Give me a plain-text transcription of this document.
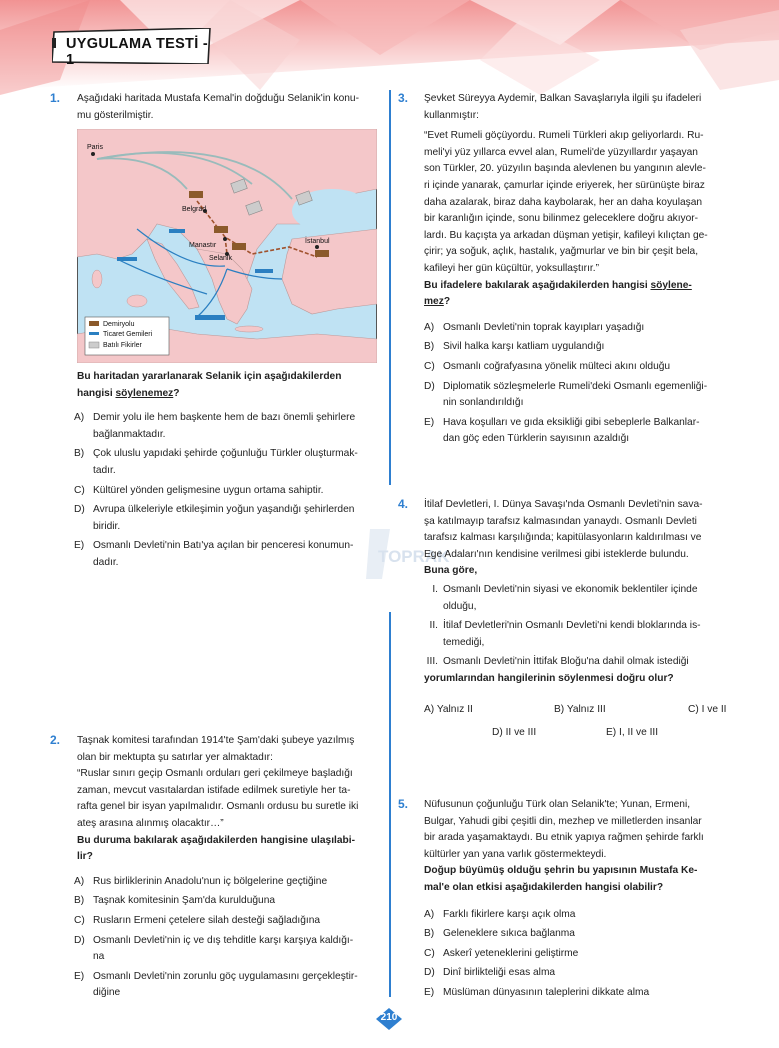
UYGULAMA TESTİ - 1
1. Aşağıdaki haritada Mustafa Kemal'in doğduğu Selanik'in konu-

mu gösterilmiştir.

Paris
Belgrad
Manastır
Selanik
İstanbul
Demiryolu
Ticaret Gemileri
Batılı Fikirler

Bu haritadan yararlanarak Selanik için aşağıdakilerden

hangisi söylenemez?

A) Demir yolu ile hem başkente hem de bazı önemli şehirlere
bağlanmaktadır.
B) Çok uluslu yapıdaki şehirde çoğunluğu Türkler oluşturmak-
tadır.
C) Kültürel yönden gelişmesine uygun ortama sahiptir.
D) Avrupa ülkeleriyle etkileşimin yoğun yaşandığı şehirlerden
biridir.
E) Osmanlı Devleti'nin Batı'ya açılan bir penceresi konumun-
dadır.	TOPRAK
2. Taşnak komitesi tarafından 1914'te Şam'daki şubeye yazılmış

olan bir mektupta şu satırlar yer almaktadır:

“Ruslar sınırı geçip Osmanlı orduları geri çekilmeye başladığı

zaman, mevcut vasıtalardan istifade edilmek suretiyle her ta-

rafta genel bir isyan yapılmalıdır. Osmanlı ordusu bu suretle iki

ateş arasına alınmış olacaktır…”

Bu duruma bakılarak aşağıdakilerden hangisine ulaşılabi-

lir?

A) Rus birliklerinin Anadolu'nun iç bölgelerine geçtiğine
B) Taşnak komitesinin Şam'da kurulduğuna
C) Rusların Ermeni çetelere silah desteği sağladığına
D) Osmanlı Devleti'nin iç ve dış tehditle karşı karşıya kaldığı-
na
E) Osmanlı Devleti'nin zorunlu göç uygulamasını gerçekleştir-
diğine
3. Şevket Süreyya Aydemir, Balkan Savaşlarıyla ilgili şu ifadeleri

kullanmıştır:

“Evet Rumeli göçüyordu. Rumeli Türkleri akıp geliyorlardı. Ru-

meli'yi yüz yıllarca evvel alan, Rumeli'de yüzyıllardır yaşayan

son Türkler, 20. yüzyılın başında alevlenen bu yangının alevle-

ri içinde yanarak, çamurlar içinde eriyerek, her sürünüşte biraz

daha azalarak, biraz daha kaybolarak, her an daha koyulaşan

bir karanlığın içinde, sonu bilinmez geleceklere doğru akıyor-

lardı. Bu kaçışta ya arkadan düşman yetişir, kafileyi kılıçtan ge-

çirir; ya soğuk, açlık, hastalık, yağmurlar ve bin bir çeşit bela,

kafileyi her gün küçültür, yoksullaştırır.”

Bu ifadelere bakılarak aşağıdakilerden hangisi söylene-

mez?

A) Osmanlı Devleti'nin toprak kayıpları yaşadığı
B) Sivil halka karşı katliam uygulandığı
C) Osmanlı coğrafyasına yönelik mülteci akını olduğu
D) Diplomatik sözleşmelerle Rumeli'deki Osmanlı egemenliği-
nin sonlandırıldığı
E) Hava koşulları ve gıda eksikliği gibi sebeplerle Balkanlar-
dan göç eden Türklerin sayısının azaldığı
4. İtilaf Devletleri, I. Dünya Savaşı'nda Osmanlı Devleti'nin sava-

şa katılmayıp tarafsız kalmasından yanaydı. Osmanlı Devleti

tarafsız kalması karşılığında; kapitülasyonların kaldırılması ve

Ege Adaları'nın kendisine verilmesi gibi isteklerde bulundu.

Buna göre,

I. Osmanlı Devleti'nin siyasi ve ekonomik beklentiler içinde
olduğu,
II. İtilaf Devletleri'nin Osmanlı Devleti'ni kendi bloklarında is-
temediği,
III. Osmanlı Devleti'nin İttifak Bloğu'na dahil olmak istediği

yorumlarından hangilerinin söylenmesi doğru olur?

A) Yalnız II	B) Yalnız III	C) I ve II
D) II ve III	E) I, II ve III
5. Nüfusunun çoğunluğu Türk olan Selanik'te; Yunan, Ermeni,

Bulgar, Yahudi gibi çeşitli din, mezhep ve milletlerden insanlar

bir arada yaşamaktaydı. Bu etnik yapıya rağmen şehirde farklı

kültürler yan yana varlık göstermekteydi.

Doğup büyümüş olduğu şehrin bu yapısının Mustafa Ke-

mal'e olan etkisi aşağıdakilerden hangisi olabilir?

A) Farklı fikirlere karşı açık olma
B) Geleneklere sıkıca bağlanma
C) Askerî yeteneklerini geliştirme
D) Dinî birlikteliği esas alma
E) Müslüman dünyasının taleplerini dikkate alma
210
